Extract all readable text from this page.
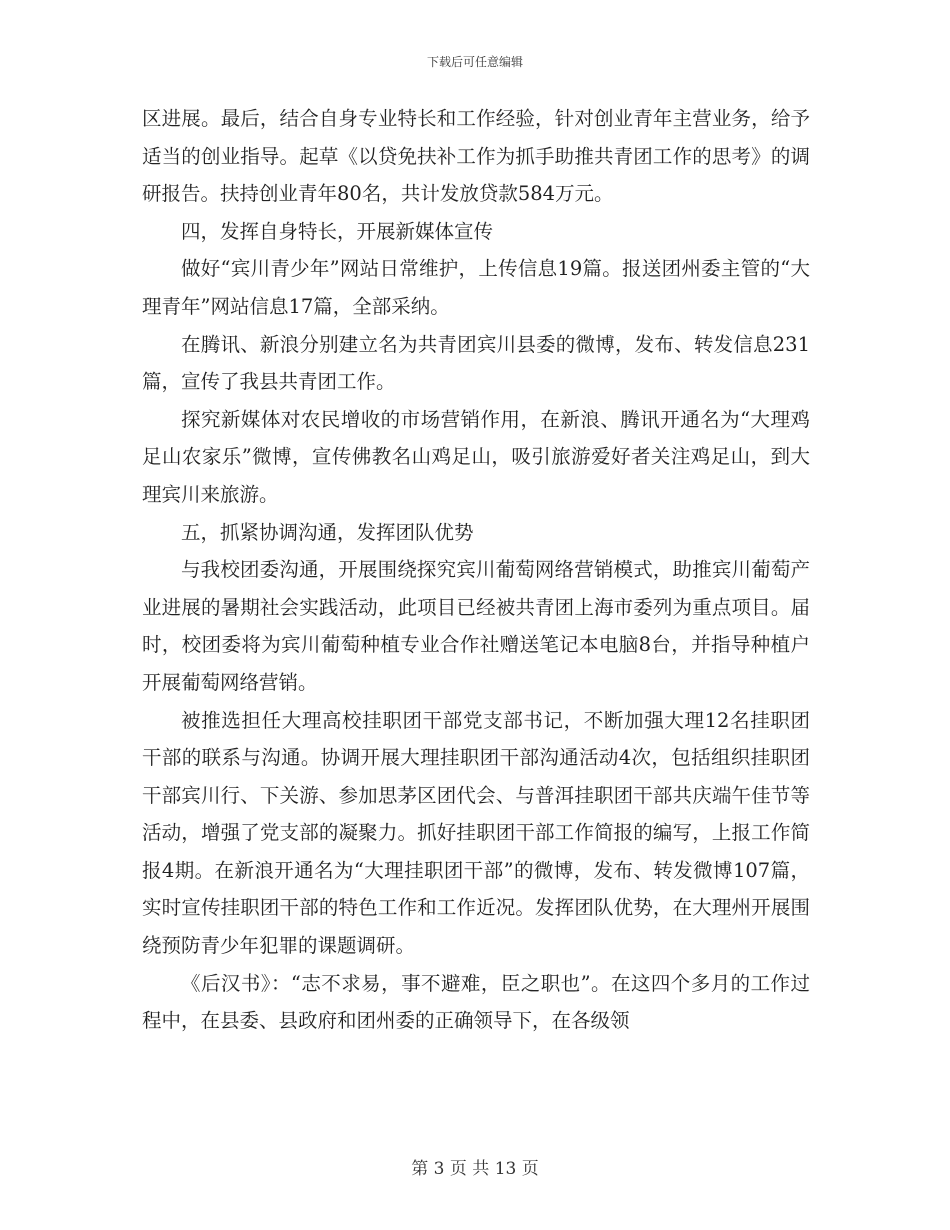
下载后可任意编辑

区进展。最后，结合自身专业特长和工作经验，针对创业青年主营业务，给予适当的创业指导。起草《以贷免扶补工作为抓手助推共青团工作的思考》的调研报告。扶持创业青年80名，共计发放贷款584万元。

四，发挥自身特长，开展新媒体宣传

做好“宾川青少年”网站日常维护，上传信息19篇。报送团州委主管的“大理青年”网站信息17篇，全部采纳。

在腾讯、新浪分别建立名为共青团宾川县委的微博，发布、转发信息231篇，宣传了我县共青团工作。

探究新媒体对农民增收的市场营销作用，在新浪、腾讯开通名为“大理鸡足山农家乐”微博，宣传佛教名山鸡足山，吸引旅游爱好者关注鸡足山，到大理宾川来旅游。

五，抓紧协调沟通，发挥团队优势

与我校团委沟通，开展围绕探究宾川葡萄网络营销模式，助推宾川葡萄产业进展的暑期社会实践活动，此项目已经被共青团上海市委列为重点项目。届时，校团委将为宾川葡萄种植专业合作社赠送笔记本电脑8台，并指导种植户开展葡萄网络营销。

被推选担任大理高校挂职团干部党支部书记，不断加强大理12名挂职团干部的联系与沟通。协调开展大理挂职团干部沟通活动4次，包括组织挂职团干部宾川行、下关游、参加思茅区团代会、与普洱挂职团干部共庆端午佳节等活动，增强了党支部的凝聚力。抓好挂职团干部工作简报的编写，上报工作简报4期。在新浪开通名为“大理挂职团干部”的微博，发布、转发微博107篇，实时宣传挂职团干部的特色工作和工作近况。发挥团队优势，在大理州开展围绕预防青少年犯罪的课题调研。

《后汉书》：“志不求易，事不避难，臣之职也”。在这四个多月的工作过程中，在县委、县政府和团州委的正确领导下，在各级领

第 3 页 共 13 页
